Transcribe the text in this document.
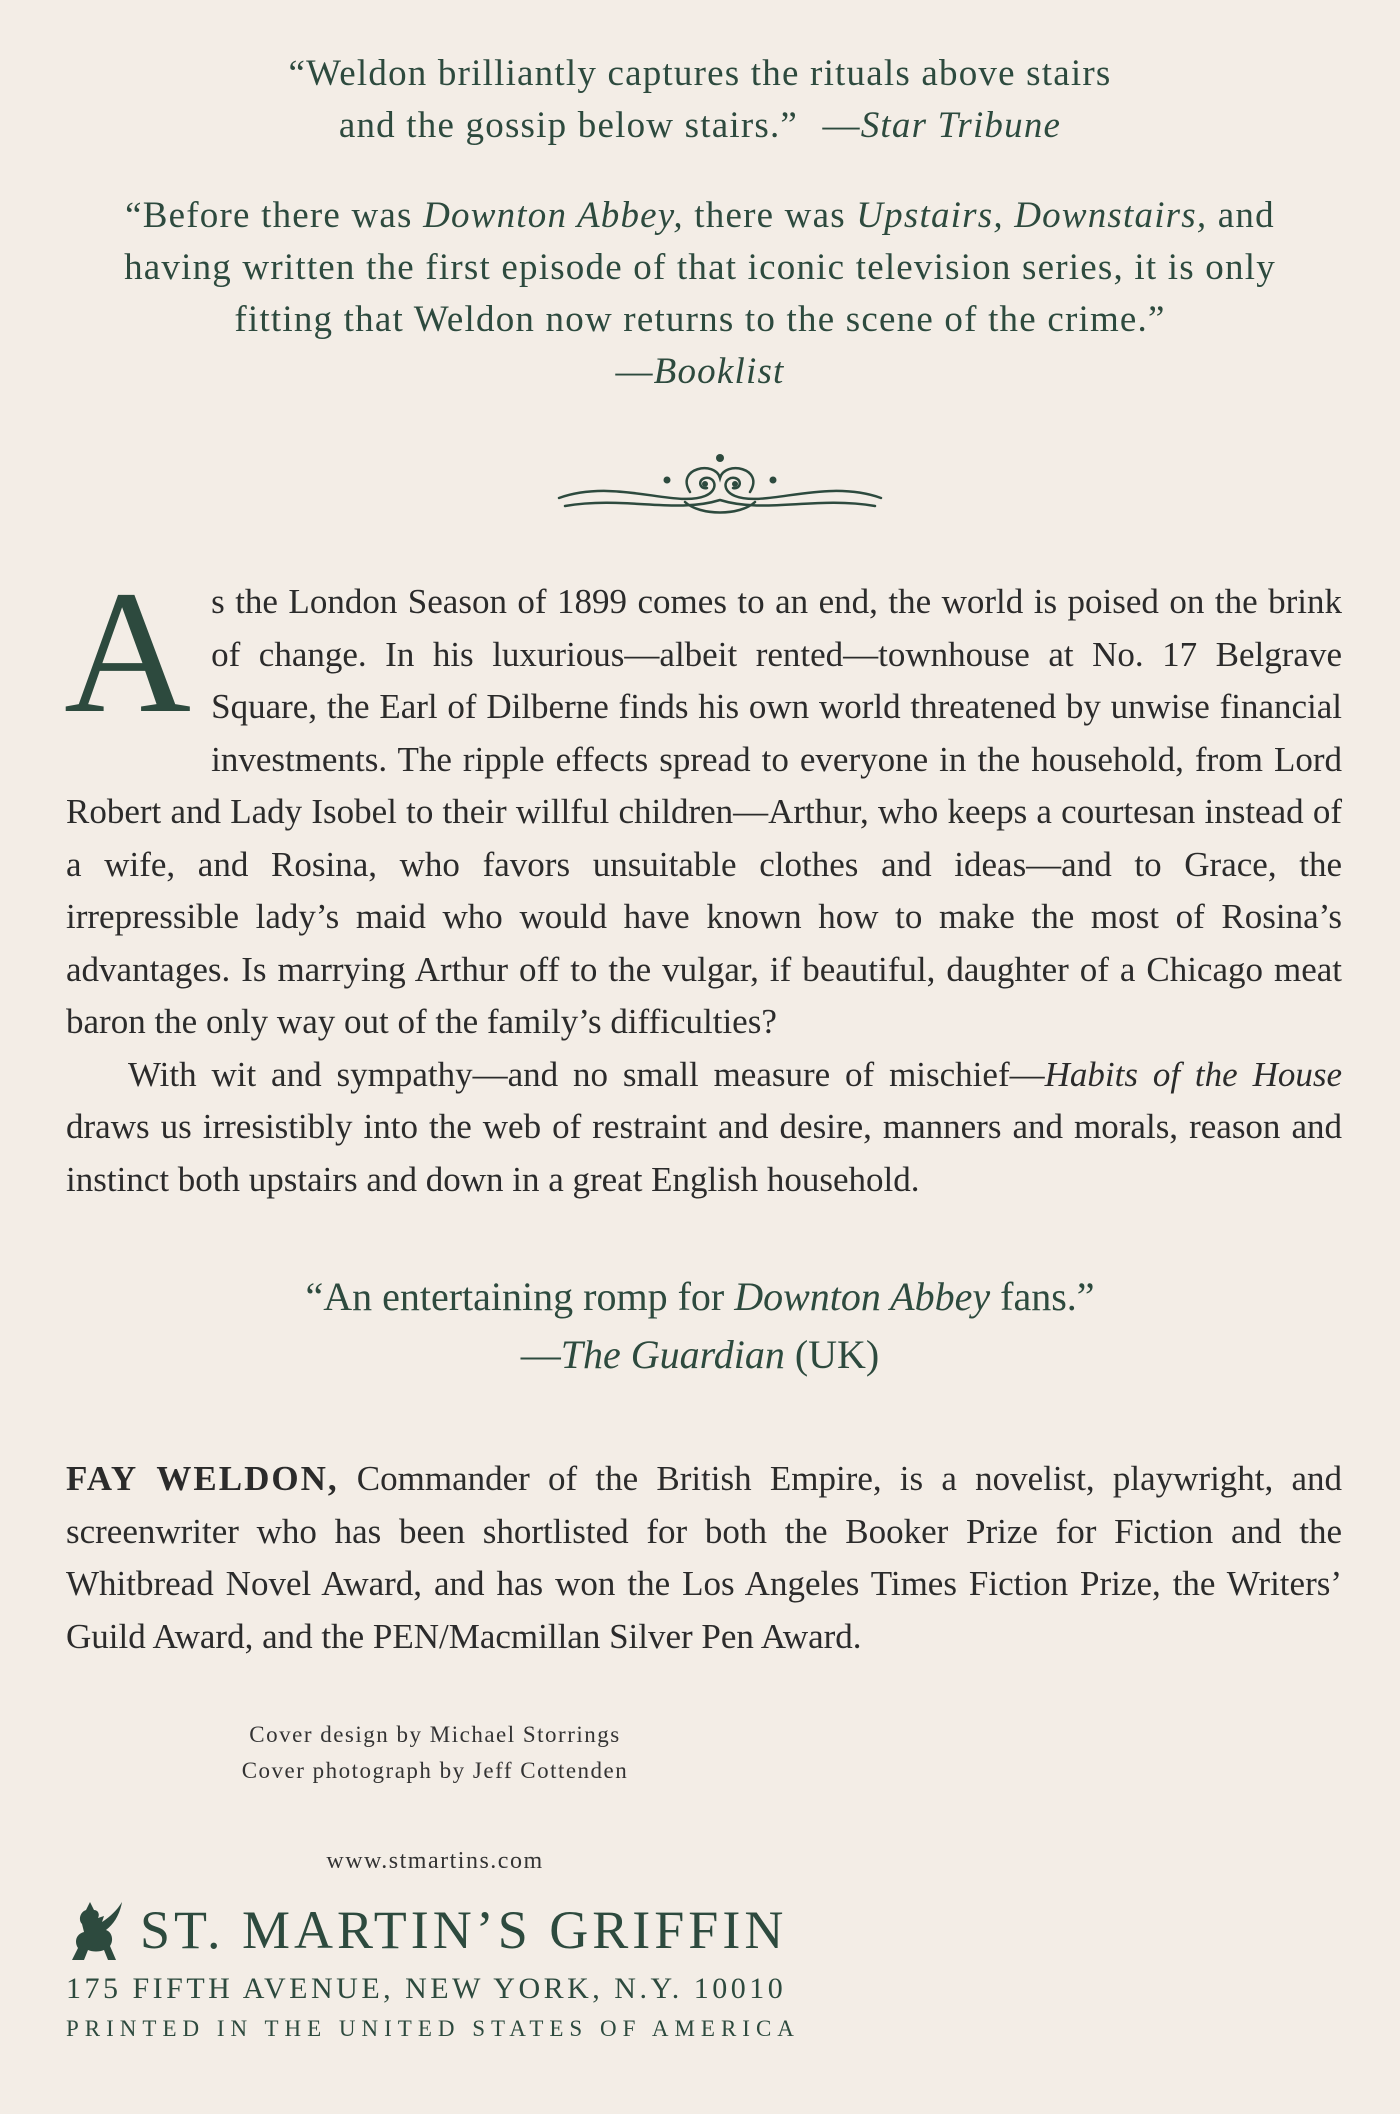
“Weldon brilliantly captures the rituals above stairs
and the gossip below stairs.” —Star Tribune
“Before there was Downton Abbey, there was Upstairs, Downstairs, and
having written the first episode of that iconic television series, it is only
fitting that Weldon now returns to the scene of the crime.”
—Booklist

As the London Season of 1899 comes to an end, the world is poised on the brink of change. In his luxurious—albeit rented—townhouse at No. 17 Belgrave Square, the Earl of Dilberne finds his own world threatened by unwise financial investments. The ripple effects spread to everyone in the household, from Lord Robert and Lady Isobel to their willful children—Arthur, who keeps a courtesan instead of a wife, and Rosina, who favors unsuitable clothes and ideas—and to Grace, the irrepressible lady’s maid who would have known how to make the most of Rosina’s advantages. Is marrying Arthur off to the vulgar, if beautiful, daughter of a Chicago meat baron the only way out of the family’s difficulties?

With wit and sympathy—and no small measure of mischief—Habits of the House draws us irresistibly into the web of restraint and desire, manners and morals, reason and instinct both upstairs and down in a great English household.

“An entertaining romp for Downton Abbey fans.”
—The Guardian (UK)
FAY WELDON, Commander of the British Empire, is a novelist, playwright, and screenwriter who has been shortlisted for both the Booker Prize for Fiction and the Whitbread Novel Award, and has won the Los Angeles Times Fiction Prize, the Writers’ Guild Award, and the PEN/Macmillan Silver Pen Award.
Cover design by Michael Storrings
Cover photograph by Jeff Cottenden
www.stmartins.com
ST. MARTIN’S GRIFFIN
175 FIFTH AVENUE, NEW YORK, N.Y. 10010
PRINTED IN THE UNITED STATES OF AMERICA
